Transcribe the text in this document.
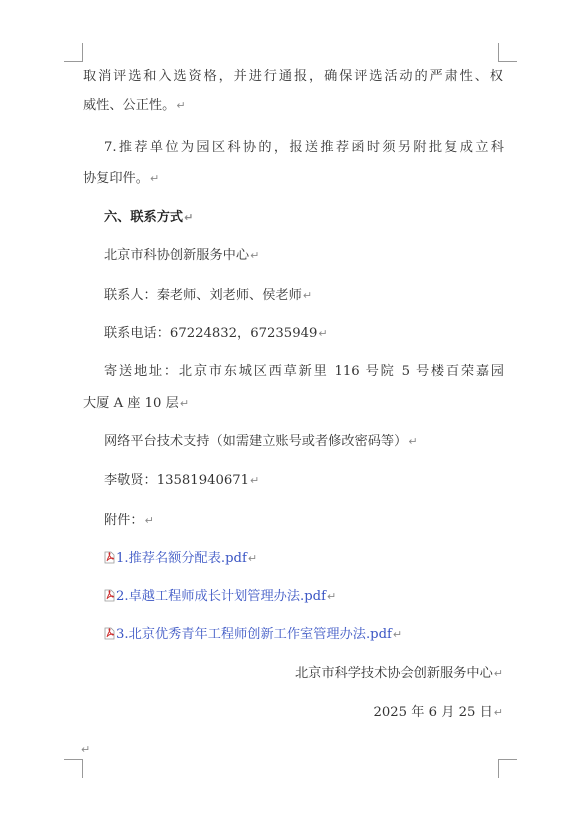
取消评选和入选资格，并进行通报，确保评选活动的严肃性、权
威性、公正性。↵
7.推荐单位为园区科协的，报送推荐函时须另附批复成立科
协复印件。↵
六、联系方式↵
北京市科协创新服务中心↵
联系人：秦老师、刘老师、侯老师↵
联系电话：67224832，67235949↵
寄送地址：北京市东城区西草新里 116 号院 5 号楼百荣嘉园
大厦 A 座 10 层↵
网络平台技术支持（如需建立账号或者修改密码等）↵
李敬贤：13581940671↵
附件：↵
1.推荐名额分配表.pdf↵
2.卓越工程师成长计划管理办法.pdf↵
3.北京优秀青年工程师创新工作室管理办法.pdf↵
北京市科学技术协会创新服务中心↵
2025 年 6 月 25 日↵
↵
